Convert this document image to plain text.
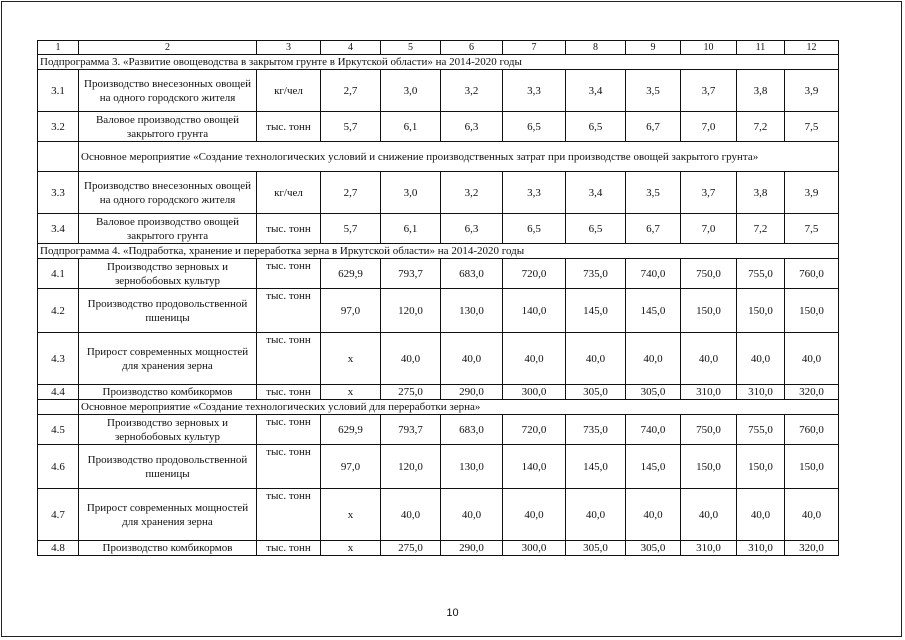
1	2	3	4	5	6	7	8	9	10	11	12
Подпрограмма 3. «Развитие овощеводства в закрытом грунте в Иркутской области» на 2014-2020 годы											
3.1	Производство внесезонных овощей на одного городского жителя	кг/чел	2,7	3,0	3,2	3,3	3,4	3,5	3,7	3,8	3,9
3.2	Валовое производство овощей закрытого грунта	тыс. тонн	5,7	6,1	6,3	6,5	6,5	6,7	7,0	7,2	7,5
	Основное мероприятие «Создание технологических условий и снижение производственных затрат при производстве овощей закрытого грунта»										
3.3	Производство внесезонных овощей на одного городского жителя	кг/чел	2,7	3,0	3,2	3,3	3,4	3,5	3,7	3,8	3,9
3.4	Валовое производство овощей закрытого грунта	тыс. тонн	5,7	6,1	6,3	6,5	6,5	6,7	7,0	7,2	7,5
Подпрограмма 4. «Подработка, хранение и переработка зерна в Иркутской области» на 2014-2020 годы											
4.1	Производство зерновых и зернобобовых культур	тыс. тонн	629,9	793,7	683,0	720,0	735,0	740,0	750,0	755,0	760,0
4.2	Производство продовольственной пшеницы	тыс. тонн	97,0	120,0	130,0	140,0	145,0	145,0	150,0	150,0	150,0
4.3	Прирост современных мощностей для хранения зерна	тыс. тонн	х	40,0	40,0	40,0	40,0	40,0	40,0	40,0	40,0
4.4	Производство комбикормов	тыс. тонн	х	275,0	290,0	300,0	305,0	305,0	310,0	310,0	320,0
	Основное мероприятие «Создание технологических условий для переработки зерна»										
4.5	Производство зерновых и зернобобовых культур	тыс. тонн	629,9	793,7	683,0	720,0	735,0	740,0	750,0	755,0	760,0
4.6	Производство продовольственной пшеницы	тыс. тонн	97,0	120,0	130,0	140,0	145,0	145,0	150,0	150,0	150,0
4.7	Прирост современных мощностей для хранения зерна	тыс. тонн	х	40,0	40,0	40,0	40,0	40,0	40,0	40,0	40,0
4.8	Производство комбикормов	тыс. тонн	х	275,0	290,0	300,0	305,0	305,0	310,0	310,0	320,0
10
